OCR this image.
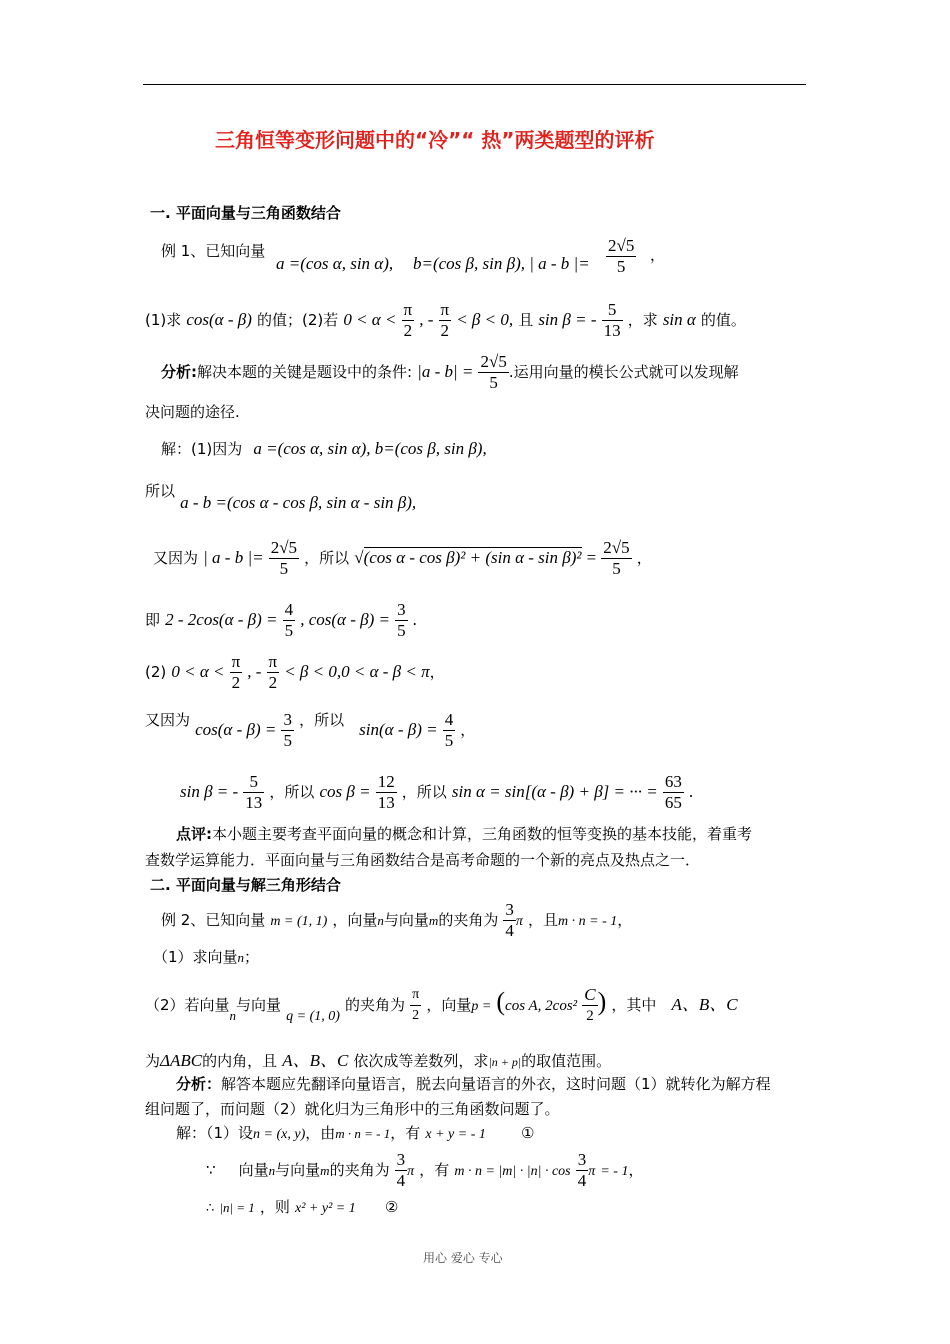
三角恒等变形问题中的“冷”“ 热”两类题型的评析
一. 平面向量与三角函数结合
例 1、已知向量
a =(cos α, sin α), b=(cos β, sin β), | a - b |= $\frac{2√5}{5}$ ，
(1)求 cos(α - β) 的值；(2)若 $0 < \alpha < \frac{\pi}{2}$ , - $\frac{\pi}{2} < \beta < 0$, 且 sin β = - $\frac{5}{13}$ ，求 sin α 的值。
分析:解决本题的关键是题设中的条件: $|a - b| = \frac{2√5}{5}$ .运用向量的模长公式就可以发现解
决问题的途径.
解：(1)因为 a =(cos α, sin α), b=(cos β, sin β),
所以 a - b =(cos α - cos β, sin α - sin β),
又因为 | a - b |= $\frac{2√5}{5}$ ，所以 √(cos α - cos β)² + (sin $\alpha - \sin \beta)^2 = \frac{2√5}{5}$ ，
即 $2 - 2\cos(\alpha - \beta) = \frac{4}{5}$ , $\cos(\alpha - \beta) = \frac{3}{5}$ .
(2) $0 < \alpha < \frac{\pi}{2}$ , - $\frac{\pi}{2} < \beta < 0,0 < \alpha - \beta < \pi$，
又因为 $\cos(\alpha - \beta) = \frac{3}{5}$ ，所以 $\sin(\alpha - \beta) = \frac{4}{5}$ ，
sin β = - $\frac{5}{13}$ ，所以 $\cos \beta = \frac{12}{13}$ ，所以 sin α = sin[(α - β) + β] = ··· = $\frac{63}{65}$ .
点评:本小题主要考查平面向量的概念和计算，三角函数的恒等变换的基本技能，着重考
查数学运算能力．平面向量与三角函数结合是高考命题的一个新的亮点及热点之一．
二. 平面向量与解三角形结合
例 2、已知向量 m = (1, 1) ，向量n与向量m的夹角为 $\frac{3}{4}$ π ，且m · n = - 1，
（1）求向量n；
（2）若向量$_n$与向量 q = (1, 0) 的夹角为 $\frac{\pi}{2}$ ，向量p = (cos A, $2\cos^2 \frac{C}{2}$ ) ，其中 A、B、C
为ΔABC的内角，且 A、B、C 依次成等差数列，求|n + p|的取值范围。
分析：解答本题应先翻译向量语言，脱去向量语言的外衣，这时问题（1）就转化为解方程
组问题了，而问题（2）就化归为三角形中的三角函数问题了。
解：（1）设n = (x, y)，由m · n = - 1，有 x + y = - 1 ①
∵ 向量n与向量m的夹角为 $\frac{3}{4}$ π ，有 $m \cdot n = |m| \cdot |n| \cdot \cos \frac{3}{4}$ π = - 1，
∴ |n| = 1 ，则 x² + y² = 1 ②
用心 爱心 专心
